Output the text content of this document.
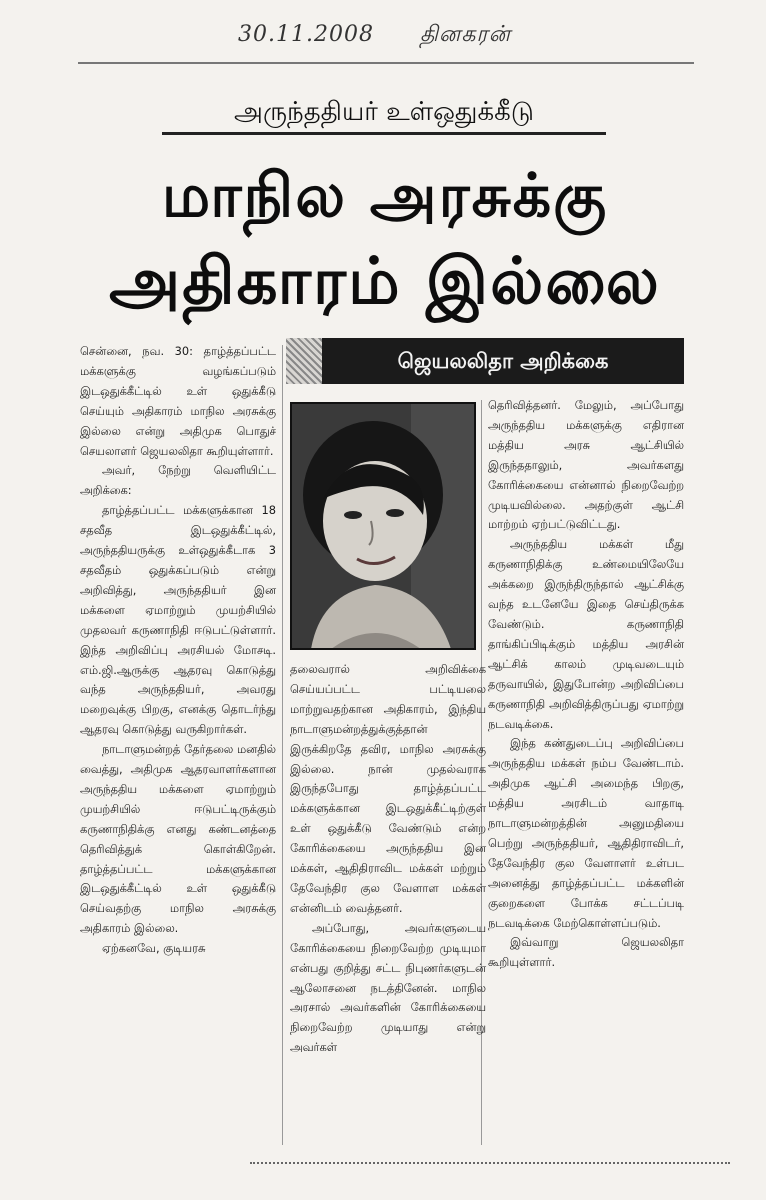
30.11.2008 தினகரன்
அருந்ததியர் உள்ஒதுக்கீடு
மாநில அரசுக்கு
அதிகாரம் இல்லை
ஜெயலலிதா அறிக்கை

சென்னை, நவ. 30: தாழ்த்தப்பட்ட மக்களுக்கு வழங்கப்படும் இடஒதுக்கீட்டில் உள் ஒதுக்கீடு செய்யும் அதிகாரம் மாநில அரசுக்கு இல்லை என்று அதிமுக பொதுச் செயலாளர் ஜெயலலிதா கூறியுள்ளார்.

அவர், நேற்று வெளியிட்ட அறிக்கை:

தாழ்த்தப்பட்ட மக்களுக்கான 18 சதவீத இடஒதுக்கீட்டில், அருந்ததியருக்கு உள்ஒதுக்கீடாக 3 சதவீதம் ஒதுக்கப்படும் என்று அறிவித்து, அருந்ததியர் இன மக்களை ஏமாற்றும் முயற்சியில் முதலவர் கருணாநிதி ஈடுபட்டுள்ளார். இந்த அறிவிப்பு அரசியல் மோசடி. எம்.ஜி.ஆருக்கு ஆதரவு கொடுத்து வந்த அருந்ததியர், அவரது மறைவுக்கு பிறகு, எனக்கு தொடர்ந்து ஆதரவு கொடுத்து வருகிறார்கள்.

நாடாளுமன்றத் தேர்தலை மனதில் வைத்து, அதிமுக ஆதரவாளர்களான அருந்ததிய மக்களை ஏமாற்றும் முயற்சியில் ஈடுபட்டிருக்கும் கருணாநிதிக்கு எனது கண்டனத்தை தெரிவித்துக் கொள்கிறேன். தாழ்த்தப்பட்ட மக்களுக்கான இடஒதுக்கீட்டில் உள் ஒதுக்கீடு செய்வதற்கு மாநில அரசுக்கு அதிகாரம் இல்லை.

ஏற்கனவே, குடியரசு

தலைவரால் அறிவிக்கை செய்யப்பட்ட பட்டியலை மாற்றுவதற்கான அதிகாரம், இந்திய நாடாளுமன்றத்துக்குத்தான் இருக்கிறதே தவிர, மாநில அரசுக்கு இல்லை. நான் முதல்வராக இருந்தபோது தாழ்த்தப்பட்ட மக்களுக்கான இடஒதுக்கீட்டிற்குள் உள் ஒதுக்கீடு வேண்டும் என்ற கோரிக்கையை அருந்ததிய இன மக்கள், ஆதிதிராவிட மக்கள் மற்றும் தேவேந்திர குல வேளாள மக்கள் என்னிடம் வைத்தனர்.

அப்போது, அவர்களுடைய கோரிக்கையை நிறைவேற்ற முடியுமா என்பது குறித்து சட்ட நிபுணர்களுடன் ஆலோசனை நடத்தினேன். மாநில அரசால் அவர்களின் கோரிக்கையை நிறைவேற்ற முடியாது என்று அவர்கள்

தெரிவித்தனர். மேலும், அப்போது அருந்ததிய மக்களுக்கு எதிரான மத்திய அரசு ஆட்சியில் இருந்ததாலும், அவர்களது கோரிக்கையை என்னால் நிறைவேற்ற முடியவில்லை. அதற்குள் ஆட்சி மாற்றம் ஏற்பட்டுவிட்டது.

அருந்ததிய மக்கள் மீது கருணாநிதிக்கு உண்மையிலேயே அக்கறை இருந்திருந்தால் ஆட்சிக்கு வந்த உடனேயே இதை செய்திருக்க வேண்டும். கருணாநிதி தாங்கிப்பிடிக்கும் மத்திய அரசின் ஆட்சிக் காலம் முடிவடையும் தருவாயில், இதுபோன்ற அறிவிப்பை கருணாநிதி அறிவித்திருப்பது ஏமாற்று நடவடிக்கை.

இந்த கண்துடைப்பு அறிவிப்பை அருந்ததிய மக்கள் நம்ப வேண்டாம். அதிமுக ஆட்சி அமைந்த பிறகு, மத்திய அரசிடம் வாதாடி நாடாளுமன்றத்தின் அனுமதியை பெற்று அருந்ததியர், ஆதிதிராவிடர், தேவேந்திர குல வேளாளர் உள்பட அனைத்து தாழ்த்தப்பட்ட மக்களின் குறைகளை போக்க சட்டப்படி நடவடிக்கை மேற்கொள்ளப்படும்.

இவ்வாறு ஜெயலலிதா கூறியுள்ளார்.
